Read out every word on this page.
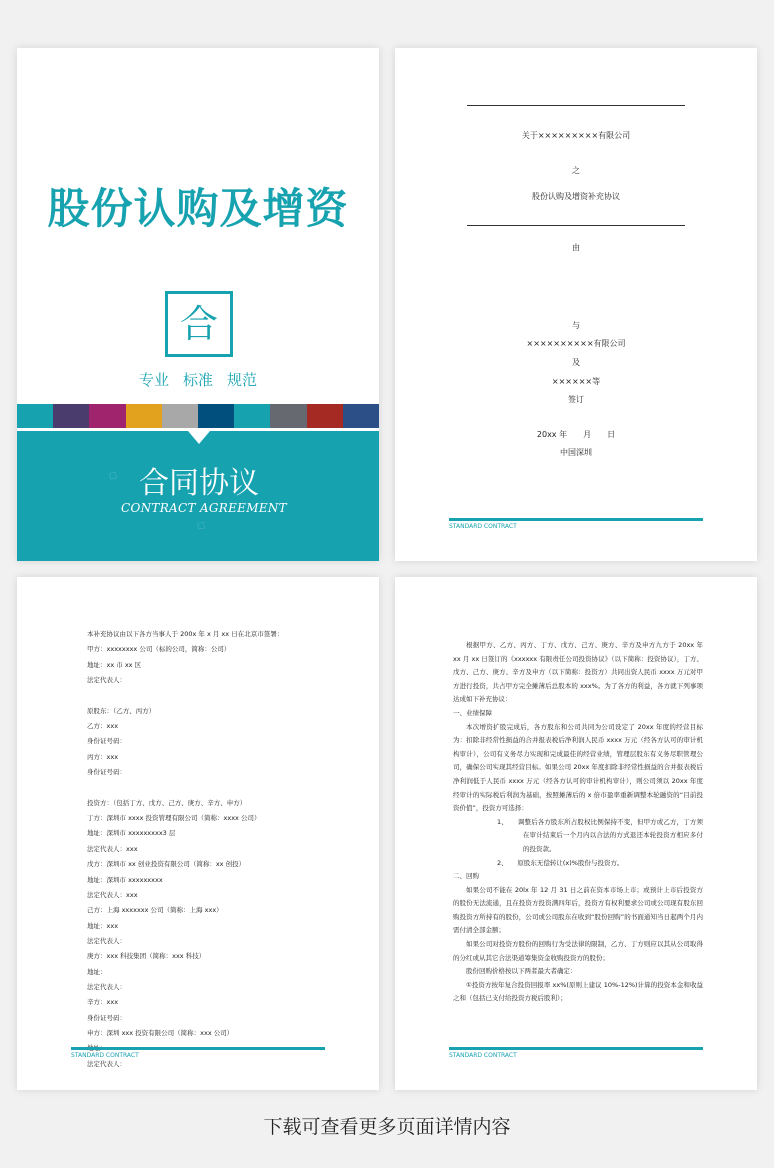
股份认购及增资
合
专业 标准 规范
◇
◇
合同协议
CONTRACT AGREEMENT
关于×××××××××有限公司
之
股份认购及增资补充协议
由
与
××××××××××有限公司
及
××××××等
签订
20xx 年　　月　　日
中国深圳
STANDARD CONTRACT
本补充协议由以下各方当事人于 200x 年 x 月 xx 日在北京市签署：
甲方：xxxxxxxx 公司（标的公司，简称：公司）
地址：xx 市 xx 区
法定代表人：
原股东：（乙方、丙方）
乙方：xxx
身份证号码：
丙方：xxx
身份证号码：
投资方：（包括丁方、戊方、己方、庚方、辛方、申方）
丁方：深圳市 xxxx 投资管理有限公司（简称：xxxx 公司）
地址：深圳市 xxxxxxxxx3 层
法定代表人：xxx
戊方：深圳市 xx 创业投资有限公司（简称：xx 创投）
地址：深圳市 xxxxxxxxx
法定代表人：xxx
己方：上海 xxxxxxx 公司（简称：上海 xxx）
地址：xxx
法定代表人：
庚方：xxx 科技集团（简称：xxx 科技）
地址：
法定代表人：
辛方：xxx
身份证号码：
申方：深圳 xxx 投资有限公司（简称：xxx 公司）
法定代表人：
STANDARD CONTRACT

根据甲方、乙方、丙方、丁方、戊方、己方、庚方、辛方及申方九方于 20xx 年 xx 月 xx 日签订的《xxxxxx 有限责任公司投资协议》（以下简称：投资协议），丁方、戊方、己方、庚方、辛方及申方（以下简称：投资方）共同出资人民币 xxxx 万元对甲方进行投资，共占甲方完全摊薄后总股本的 xxx%。为了各方的利益，各方就下列事项达成如下补充协议：

一、业绩保障

本次增资扩股完成后，各方股东和公司共同为公司设定了 20xx 年度的经营目标为：扣除非经常性损益的合并报表税后净利润人民币 xxxx 万元（经各方认可的审计机构审计），公司有义务尽力实现和完成最佳的经营业绩，管理层股东有义务尽职管理公司，确保公司实现其经营目标。如果公司 20xx 年度扣除非经常性损益的合并报表税后净利润低于人民币 xxxx 万元（经各方认可的审计机构审计），则公司须以 20xx 年度经审计的实际税后利润为基础，按照摊薄后的 x 倍市盈率重新调整本轮融资的“目前投资价值”，投资方可选择：

1、　　调整后各方股东所占股权比例保持不变，但甲方或乙方，丁方须在审计结束后一个月内以合法的方式退还本轮投资方相应多付的投资款。

2、　　原股东无偿转让(x)%股份与投资方。

二、回购

如果公司不能在 20lx 年 12 月 31 日之前在资本市场上市；或预计上市后投资方的股份无法流通，且在投资方投资满四年后，投资方有权利要求公司或公司现有股东回购投资方所持有的股份，公司或公司股东在收到“股份回购”的书面通知当日起两个月内需付清全部金额；

如果公司对投资方股份的回购行为受法律的限制，乙方、丁方则应以其从公司取得的分红或从其它合法渠道筹集资金收购投资方的股份；

股份回购价格按以下两者最大者确定：

①投资方按年复合投资回报率 xx%(原则上建议 10%-12%)计算的投资本金和收益之和（包括已支付给投资方税后股利）；

STANDARD CONTRACT
下载可查看更多页面详情内容
